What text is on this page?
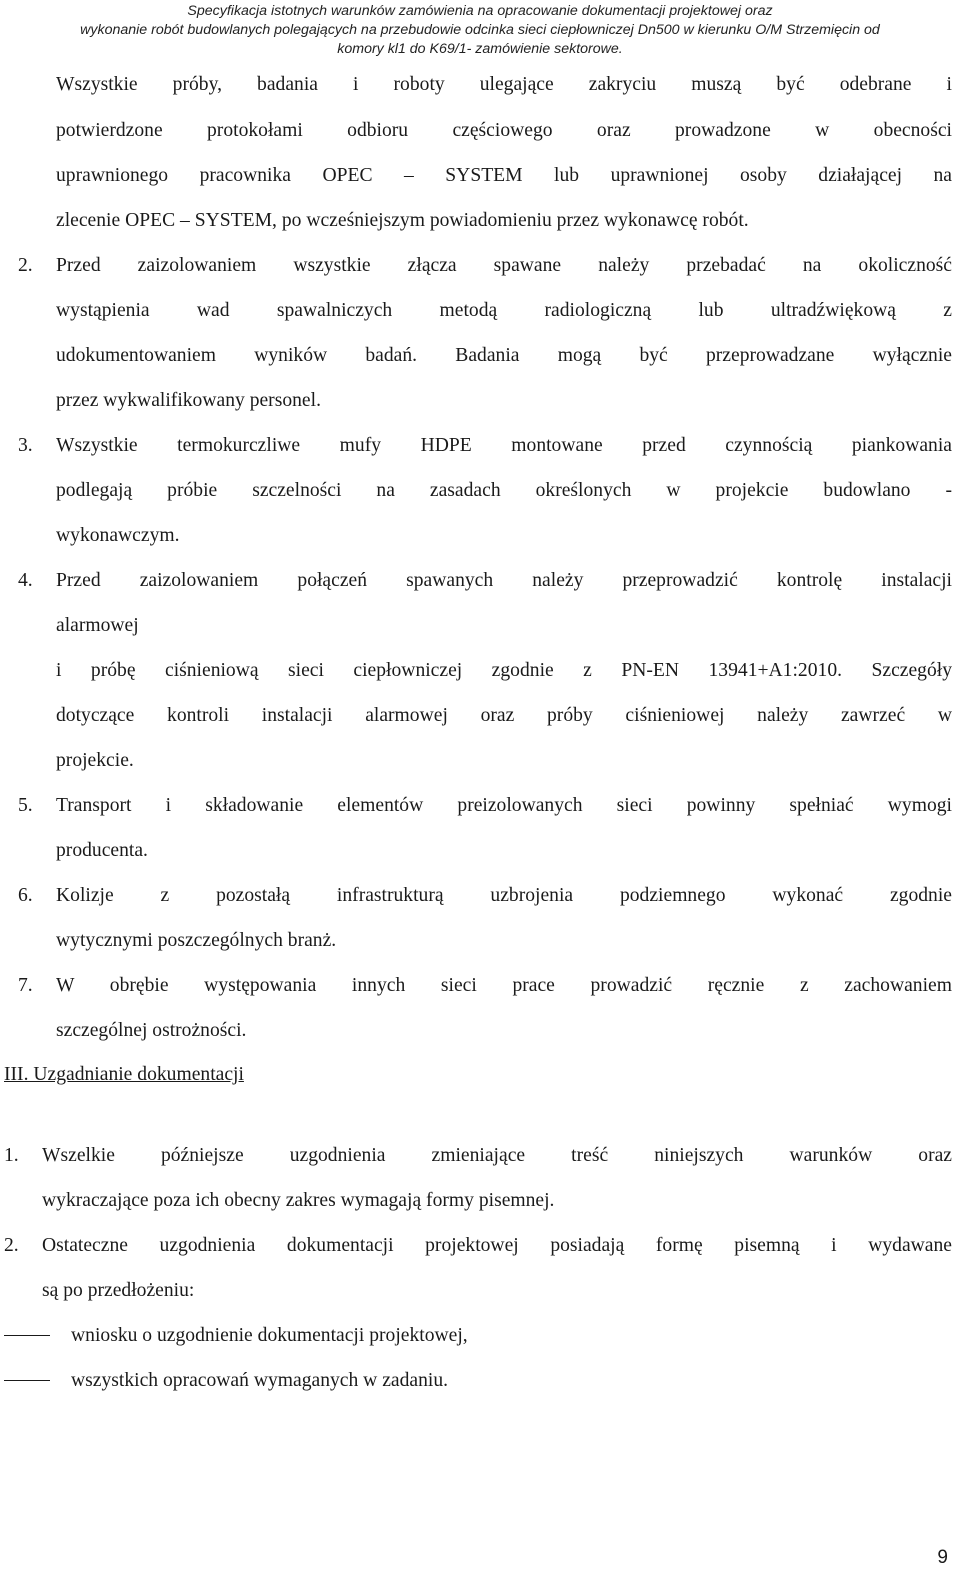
Specyfikacja istotnych warunków zamówienia na opracowanie dokumentacji projektowej oraz
wykonanie robót budowlanych polegających na przebudowie odcinka sieci ciepłowniczej Dn500 w kierunku O/M Strzemięcin od
komory kl1 do K69/1- zamówienie sektorowe.
Wszystkie próby, badania i roboty ulegające zakryciu muszą być odebrane i
potwierdzone protokołami odbioru częściowego oraz prowadzone w obecności
uprawnionego pracownika OPEC – SYSTEM lub uprawnionej osoby działającej na
zlecenie OPEC – SYSTEM, po wcześniejszym powiadomieniu przez wykonawcę robót.
2. Przed zaizolowaniem wszystkie złącza spawane należy przebadać na okoliczność
wystąpienia wad spawalniczych metodą radiologiczną lub ultradźwiękową z
udokumentowaniem wyników badań. Badania mogą być przeprowadzane wyłącznie
przez wykwalifikowany personel.
3. Wszystkie termokurczliwe mufy HDPE montowane przed czynnością piankowania
podlegają próbie szczelności na zasadach określonych w projekcie budowlano -
wykonawczym.
4. Przed zaizolowaniem połączeń spawanych należy przeprowadzić kontrolę instalacji
alarmowej
i próbę ciśnieniową sieci ciepłowniczej zgodnie z PN-EN 13941+A1:2010. Szczegóły
dotyczące kontroli instalacji alarmowej oraz próby ciśnieniowej należy zawrzeć w
projekcie.
5. Transport i składowanie elementów preizolowanych sieci powinny spełniać wymogi
producenta.
6. Kolizje z pozostałą infrastrukturą uzbrojenia podziemnego wykonać zgodnie
wytycznymi poszczególnych branż.
7. W obrębie występowania innych sieci prace prowadzić ręcznie z zachowaniem
szczególnej ostrożności.
III. Uzgadnianie dokumentacji
1. Wszelkie późniejsze uzgodnienia zmieniające treść niniejszych warunków oraz
wykraczające poza ich obecny zakres wymagają formy pisemnej.
2. Ostateczne uzgodnienia dokumentacji projektowej posiadają formę pisemną i wydawane
są po przedłożeniu:
wniosku o uzgodnienie dokumentacji projektowej,
wszystkich opracowań wymaganych w zadaniu.
9
